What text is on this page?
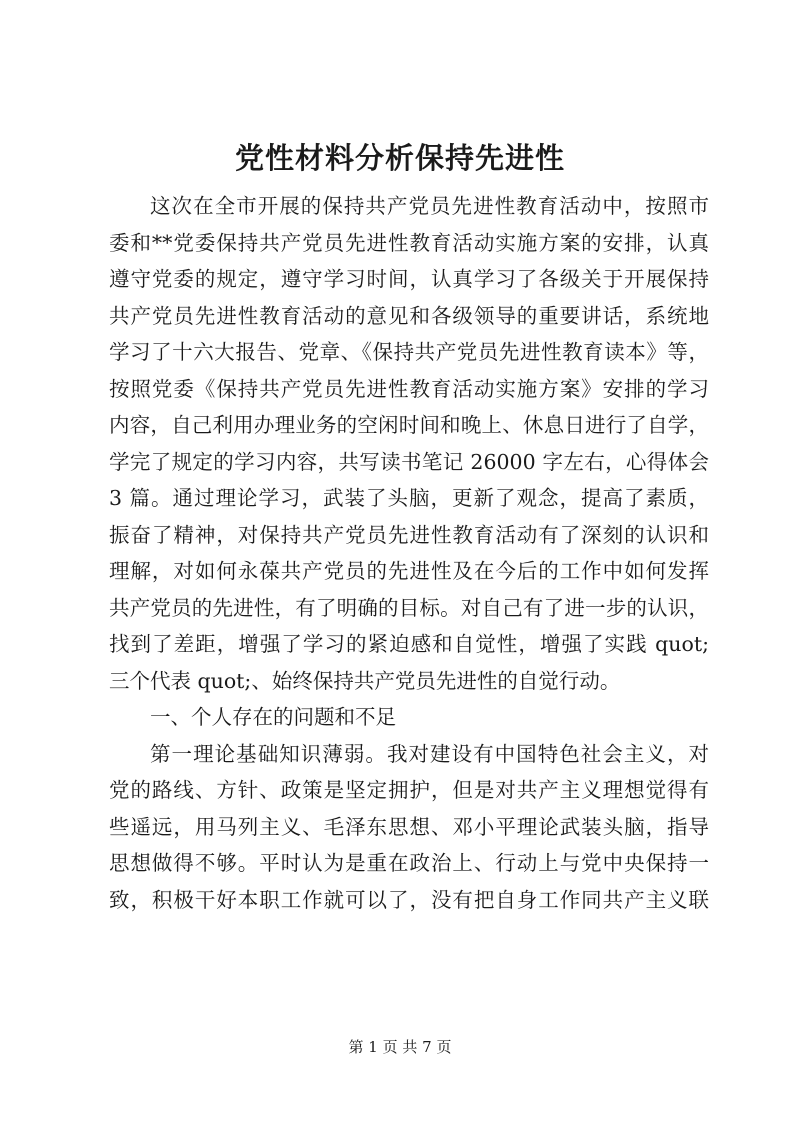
党性材料分析保持先进性
这次在全市开展的保持共产党员先进性教育活动中，按照市
委和**党委保持共产党员先进性教育活动实施方案的安排，认真
遵守党委的规定，遵守学习时间，认真学习了各级关于开展保持
共产党员先进性教育活动的意见和各级领导的重要讲话，系统地
学习了十六大报告、党章、《保持共产党员先进性教育读本》等，
按照党委《保持共产党员先进性教育活动实施方案》安排的学习
内容，自己利用办理业务的空闲时间和晚上、休息日进行了自学，
学完了规定的学习内容，共写读书笔记 26000 字左右，心得体会
3 篇。通过理论学习，武装了头脑，更新了观念，提高了素质，
振奋了精神，对保持共产党员先进性教育活动有了深刻的认识和
理解，对如何永葆共产党员的先进性及在今后的工作中如何发挥
共产党员的先进性，有了明确的目标。对自己有了进一步的认识，
找到了差距，增强了学习的紧迫感和自觉性，增强了实践 quot;
三个代表 quot;、始终保持共产党员先进性的自觉行动。
一、个人存在的问题和不足
第一理论基础知识薄弱。我对建设有中国特色社会主义，对
党的路线、方针、政策是坚定拥护，但是对共产主义理想觉得有
些遥远，用马列主义、毛泽东思想、邓小平理论武装头脑，指导
思想做得不够。平时认为是重在政治上、行动上与党中央保持一
致，积极干好本职工作就可以了，没有把自身工作同共产主义联
第 1 页 共 7 页
